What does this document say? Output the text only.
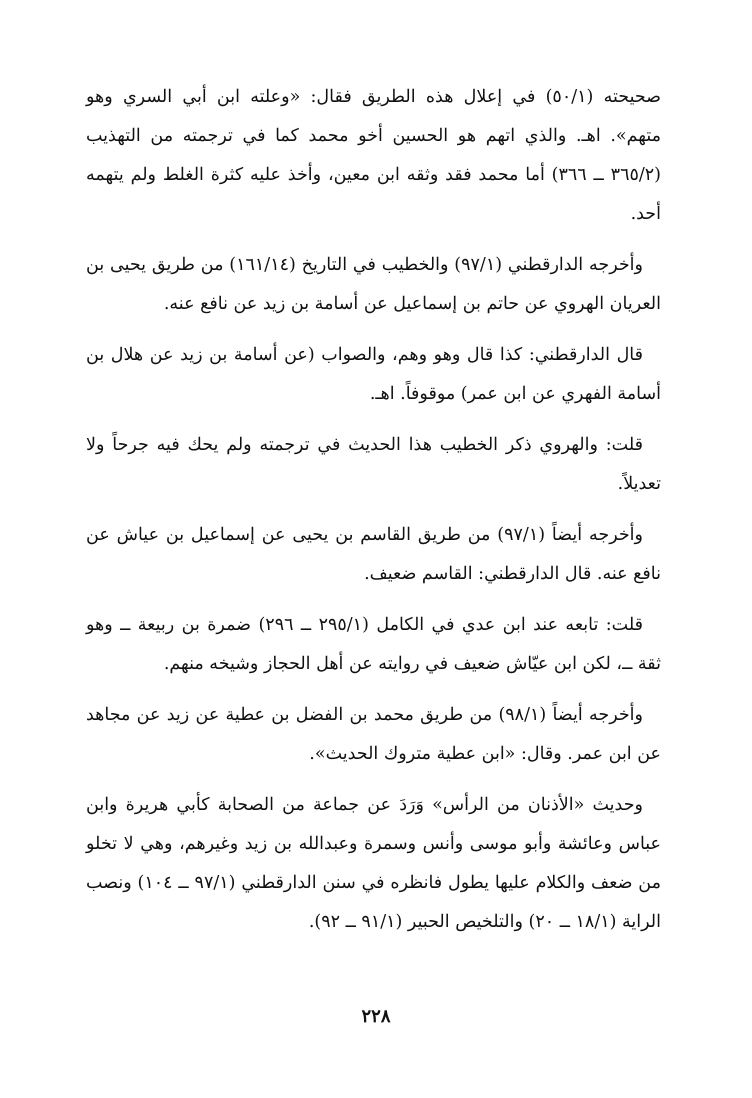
صحيحته (٥٠/١) في إعلال هذه الطريق فقال: «وعلته ابن أبي السري وهو متهم». اهـ. والذي اتهم هو الحسين أخو محمد كما في ترجمته من التهذيب (٣٦٥/٢ ــ ٣٦٦) أما محمد فقد وثقه ابن معين، وأخذ عليه كثرة الغلط ولم يتهمه أحد.

وأخرجه الدارقطني (٩٧/١) والخطيب في التاريخ (١٦١/١٤) من طريق يحيى بن العريان الهروي عن حاتم بن إسماعيل عن أسامة بن زيد عن نافع عنه.

قال الدارقطني: كذا قال وهو وهم، والصواب (عن أسامة بن زيد عن هلال بن أسامة الفهري عن ابن عمر) موقوفاً. اهـ.

قلت: والهروي ذكر الخطيب هذا الحديث في ترجمته ولم يحك فيه جرحاً ولا تعديلاً.

وأخرجه أيضاً (٩٧/١) من طريق القاسم بن يحيى عن إسماعيل بن عياش عن نافع عنه. قال الدارقطني: القاسم ضعيف.

قلت: تابعه عند ابن عدي في الكامل (٢٩٥/١ ــ ٢٩٦) ضمرة بن ربيعة ــ وهو ثقة ــ، لكن ابن عيّاش ضعيف في روايته عن أهل الحجاز وشيخه منهم.

وأخرجه أيضاً (٩٨/١) من طريق محمد بن الفضل بن عطية عن زيد عن مجاهد عن ابن عمر. وقال: «ابن عطية متروك الحديث».

وحديث «الأذنان من الرأس» وَرَدَ عن جماعة من الصحابة كأبي هريرة وابن عباس وعائشة وأبو موسى وأنس وسمرة وعبدالله بن زيد وغيرهم، وهي لا تخلو من ضعف والكلام عليها يطول فانظره في سنن الدارقطني (٩٧/١ ــ ١٠٤) ونصب الراية (١٨/١ ــ ٢٠) والتلخيص الحبير (٩١/١ ــ ٩٢).

٢٢٨
